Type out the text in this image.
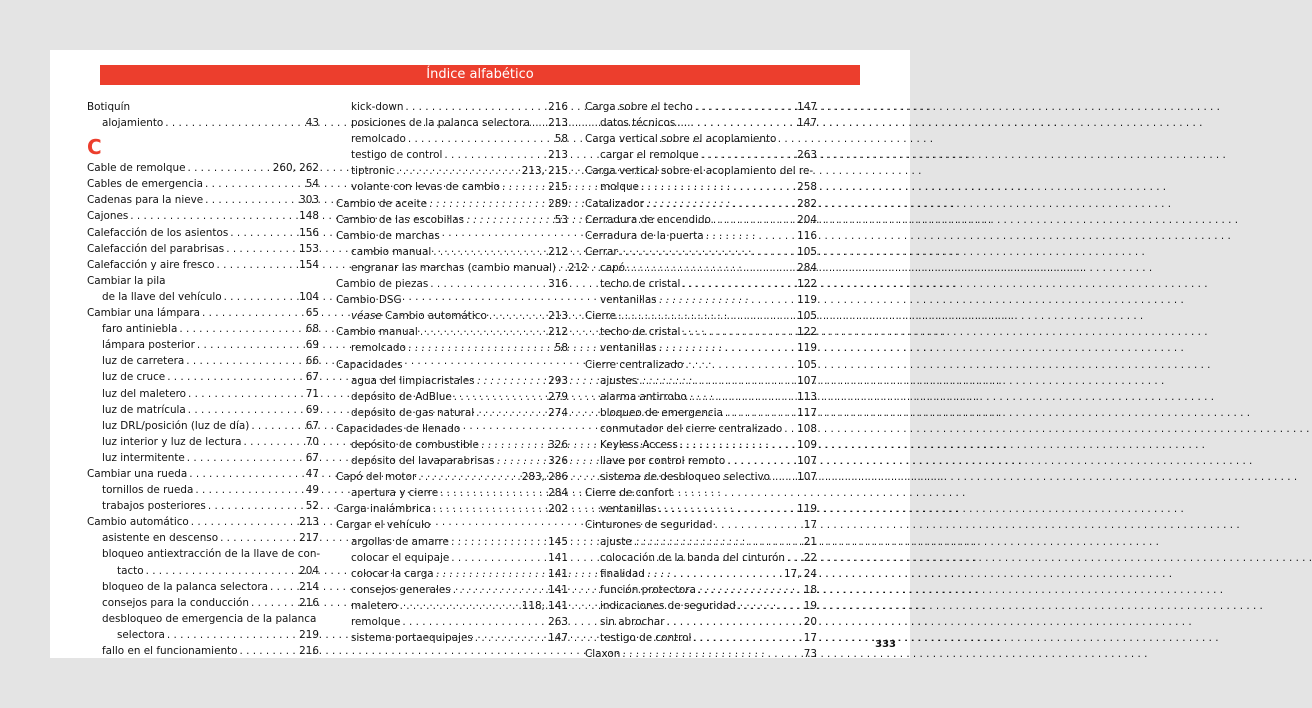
Índice alfabético
Botiquín
alojamiento . . .	43
C
Cable de remolque . . .	260, 262
Cables de emergencia . . .	54
Cadenas para la nieve . . .	303
Cajones . . .	148
Calefacción de los asientos . . .	156
Calefacción del parabrisas . . .	153
Calefacción y aire fresco . . .	154
Cambiar la pila
de la llave del vehículo . . .	104
Cambiar una lámpara . . .	65
faro antiniebla . . .	68
lámpara posterior . . .	69
luz de carretera . . .	66
luz de cruce . . .	67
luz del maletero . . .	71
luz de matrícula . . .	69
luz DRL/posición (luz de día) . . .	67
luz interior y luz de lectura . . .	70
luz intermitente . . .	67
Cambiar una rueda . . .	47
tornillos de rueda . . .	49
trabajos posteriores . . .	52
Cambio automático . . .	213
asistente en descenso . . .	217
bloqueo antiextracción de la llave de con-
tacto . . .	204
bloqueo de la palanca selectora . . .	214
consejos para la conducción . . .	216
desbloqueo de emergencia de la palanca
selectora . . .	219
fallo en el funcionamiento . . .	216
kick-down . . .	216
posiciones de la palanca selectora . . . 213
remolcado . . .	58
testigo de control . . .	213
tiptronic . . .	213, 215
volante con levas de cambio . . .	215
Cambio de aceite . . .	289
Cambio de las escobillas . . .	53
Cambio de marchas
cambio manual . . .	212
engranar las marchas (cambio manual) . . . 212
Cambio de piezas . . .	316
Cambio DSG
véase Cambio automático . . .	213
Cambio manual . . .	212
remolcado . . .	58
Capacidades
agua del limpiacristales . . .	293
depósito de AdBlue . . .	279
depósito de gas natural . . .	274
Capacidades de llenado
depósito de combustible . . .	326
depósito del lavaparabrisas . . .	326
Capó del motor . . .	283, 286
apertura y cierre . . .	284
Carga inalámbrica . . .	202
Cargar el vehículo
argollas de amarre . . .	145
colocar el equipaje . . .	141
colocar la carga . . .	141
consejos generales . . .	141
maletero . . .	118, 141
remolque . . .	263
sistema portaequipajes . . .	147
Carga sobre el techo . . .	147
datos técnicos . . .	147
Carga vertical sobre el acoplamiento
cargar el remolque . . .	263
Carga vertical sobre el acoplamiento del re-
molque . . .	258
Catalizador . . .	282
Cerradura de encendido . . .	204
Cerradura de la puerta . . .	116
Cerrar . . .	105
capó . . .	284
techo de cristal . . .	122
ventanillas . . .	119
Cierre . . .	105
techo de cristal . . .	122
ventanillas . . .	119
Cierre centralizado . . .	105
ajustes . . .	107
alarma antirrobo . . .	113
bloqueo de emergencia . . .	117
conmutador del cierre centralizado . . . 108
Keyless Access . . .	109
llave por control remoto . . .	107
sistema de desbloqueo selectivo . . .	107
Cierre de confort
ventanillas . . .	119
Cinturones de seguridad . . .	17
ajuste . . .	21
colocación de la banda del cinturón . . . 22
finalidad . . .	17, 24
función protectora . . .	18
indicaciones de seguridad . . .	19
sin abrochar . . .	20
testigo de control . . .	17
Claxon . . .	73
333
